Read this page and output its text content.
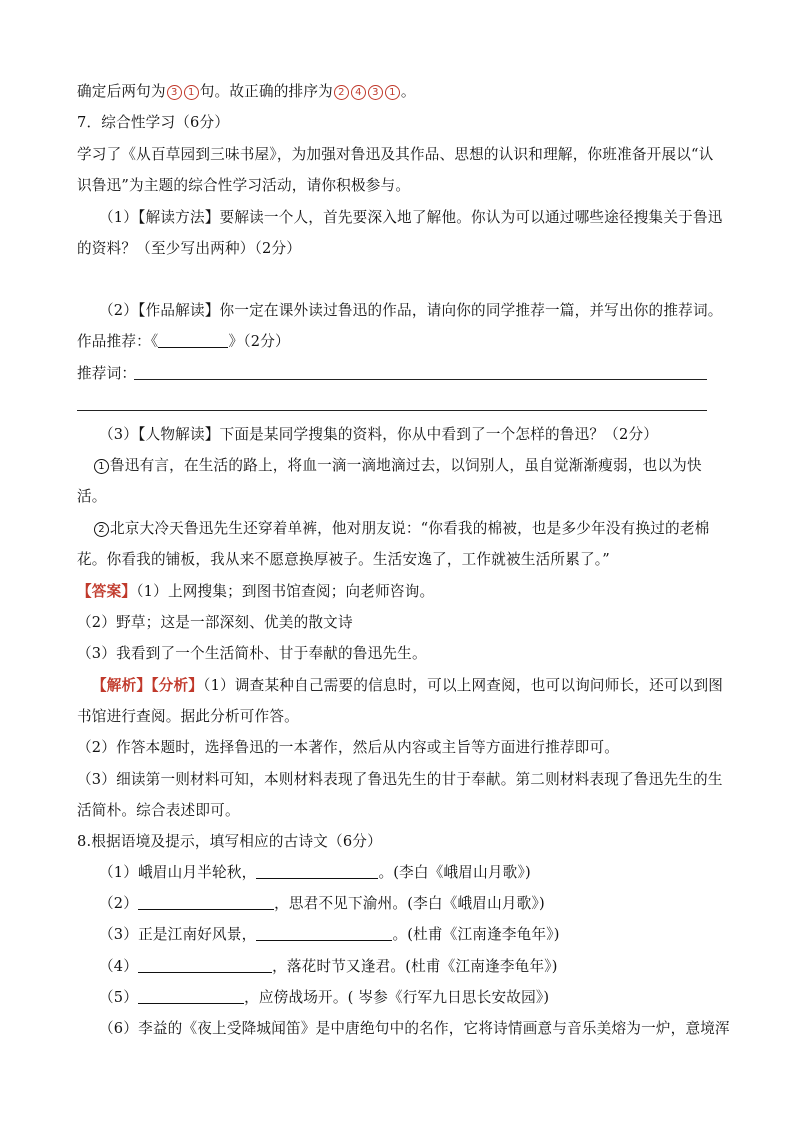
确定后两句为 3 1 句。故正确的排序为 2 4 3 1 。
7．综合性学习（6分）
学习了《从百草园到三味书屋》，为加强对鲁迅及其作品、思想的认识和理解，你班准备开展以“认
识鲁迅”为主题的综合性学习活动，请你积极参与。
（1）【解读方法】要解读一个人，首先要深入地了解他。你认为可以通过哪些途径搜集关于鲁迅
的资料？（至少写出两种）（2分）
（2）【作品解读】你一定在课外读过鲁迅的作品，请向你的同学推荐一篇，并写出你的推荐词。
作品推荐：《	》（2分）
推荐词：
（3）【人物解读】下面是某同学搜集的资料，你从中看到了一个怎样的鲁迅？（2分）
1 鲁迅有言，在生活的路上，将血一滴一滴地滴过去，以饲别人，虽自觉渐渐瘦弱，也以为快
活。
2 北京大冷天鲁迅先生还穿着单裤，他对朋友说：“你看我的棉被，也是多少年没有换过的老棉
花。你看我的铺板，我从来不愿意换厚被子。生活安逸了，工作就被生活所累了。”
【答案】（1）上网搜集；到图书馆查阅；向老师咨询。
（2）野草；这是一部深刻、优美的散文诗
（3）我看到了一个生活简朴、甘于奉献的鲁迅先生。
【解析】【分析】（1）调查某种自己需要的信息时，可以上网查阅，也可以询问师长，还可以到图
书馆进行查阅。据此分析可作答。
（2）作答本题时，选择鲁迅的一本著作，然后从内容或主旨等方面进行推荐即可。
（3）细读第一则材料可知，本则材料表现了鲁迅先生的甘于奉献。第二则材料表现了鲁迅先生的生
活简朴。综合表述即可。
8.根据语境及提示，填写相应的古诗文（6分）
（1）峨眉山月半轮秋，	。(李白《峨眉山月歌》)
（2）	，思君不见下渝州。(李白《峨眉山月歌》)
（3）正是江南好风景，	。(杜甫《江南逢李龟年》)
（4）	，落花时节又逢君。(杜甫《江南逢李龟年》)
（5）	，应傍战场开。( 岑参《行军九日思长安故园》)
（6）李益的《夜上受降城闻笛》是中唐绝句中的名作，它将诗情画意与音乐美熔为一炉，意境浑
